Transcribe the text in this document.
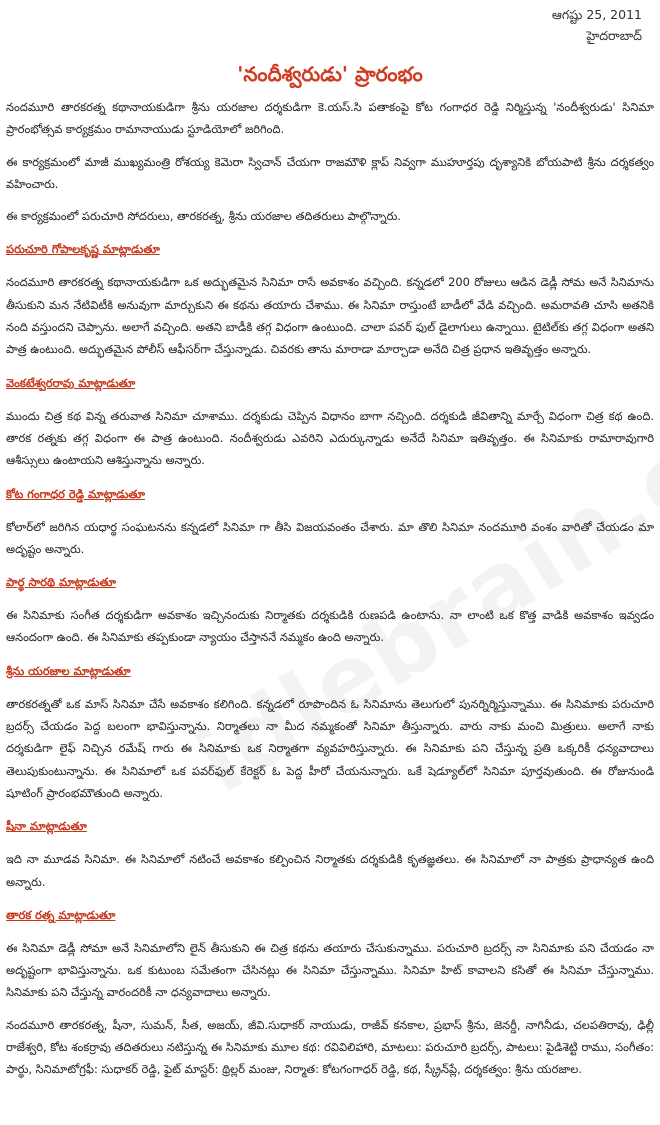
ఆగష్టు 25, 2011
హైదరాబాద్
'నందీశ్వరుడు' ప్రారంభం

నందమూరి తారకరత్న కథానాయకుడిగా శ్రీను యరజాల దర్శకుడిగా కె.యస్.సి పతాకంపై కోట గంగాధర రెడ్డి నిర్మిస్తున్న 'నందీశ్వరుడు' సినిమా ప్రారంభోత్సవ కార్యక్రమం రామానాయుడు స్టూడియోలో జరిగింది.

ఈ కార్యక్రమంలో మాజీ ముఖ్యమంత్రి రోశయ్య కెమెరా స్విచాన్ చేయగా రాజమౌళి క్లాప్ నివ్వగా ముహూర్తపు దృశ్యానికి బోయపాటి శ్రీను దర్శకత్వం వహించారు.

ఈ కార్యక్రమంలో పరుచూరి సోదరులు, తారకరత్న, శ్రీను యరజాల తదితరులు పాల్గొన్నారు.

పరుచూరి గోపాలకృష్ణ మాట్లాడుతూ

నందమూరి తారకరత్న కథానాయకుడిగా ఒక అద్భుతమైన సినిమా రాసే అవకాశం వచ్చింది. కన్నడలో 200 రోజులు ఆడిన డెడ్లీ సోమ అనే సినిమాను తీసుకుని మన నేటివిటీకి అనువుగా మార్చుకుని ఈ కథను తయారు చేశాము. ఈ సినిమా రాస్తుంటే బాడీలో వేడి వచ్చింది. అమరావతి చూసి అతనికి నంది వస్తుందని చెప్పాను. అలాగే వచ్చింది. అతని బాడీకి తగ్గ విధంగా ఉంటుంది. చాలా పవర్ ఫుల్ డైలాగులు ఉన్నాయి. టైటిల్‌కు తగ్గ విధంగా అతని పాత్ర ఉంటుంది. అద్భుతమైన పోలీస్ ఆఫీసర్‌గా చేస్తున్నాడు. చివరకు తాను మారాడా మార్చాడా అనేది చిత్ర ప్రధాన ఇతివృత్తం అన్నారు.

వెంకటేశ్వరరావు మాట్లాడుతూ

ముందు చిత్ర కథ విన్న తరువాత సినిమా చూశాము. దర్శకుడు చెప్పిన విధానం బాగా నచ్చింది. దర్శకుడి జీవితాన్ని మార్చే విధంగా చిత్ర కథ ఉంది. తారక రత్నకు తగ్గ విధంగా ఈ పాత్ర ఉంటుంది. నందీశ్వరుడు ఎవరిని ఎదుర్కున్నాడు అనేదే సినిమా ఇతివృత్తం. ఈ సినిమాకు రామారావుగారి ఆశీస్సులు ఉంటాయని ఆశిస్తున్నాను అన్నారు.

కోట గంగాధర రెడ్డి మాట్లాడుతూ

కోలార్‌లో జరిగిన యధార్థ సంఘటనను కన్నడలో సినిమా గా తీసి విజయవంతం చేశారు. మా తొలి సినిమా నందమూరి వంశం వారితో చేయడం మా అదృష్టం అన్నారు.

పార్థ సారథి మాట్లాడుతూ

ఈ సినిమాకు సంగీత దర్శకుడిగా అవకాశం ఇచ్చినందుకు నిర్మాతకు దర్శకుడికి రుణపడి ఉంటాను. నా లాంటి ఒక కొత్త వాడికి అవకాశం ఇవ్వడం ఆనందంగా ఉంది. ఈ సినిమాకు తప్పకుండా న్యాయం చేస్తాననే నమ్మకం ఉంది అన్నారు.

శ్రీను యరజాల మాట్లాడుతూ

తారకరత్నతో ఒక మాస్ సినిమా చేసే అవకాశం కలిగింది. కన్నడలో రూపొందిన ఓ సినిమాను తెలుగులో పునర్నిర్మిస్తున్నాము. ఈ సినిమాకు పరుచూరి బ్రదర్స్ చేయడం పెద్ద బలంగా భావిస్తున్నాను. నిర్మాతలు నా మీద నమ్మకంతో సినిమా తీస్తున్నారు. వారు నాకు మంచి మిత్రులు. అలాగే నాకు దర్శకుడిగా లైఫ్ నిచ్చిన రమేష్ గారు ఈ సినిమాకు ఒక నిర్మాతగా వ్యవహరిస్తున్నారు. ఈ సినిమాకు పని చేస్తున్న ప్రతి ఒక్కరికీ ధన్యవాదాలు తెలుపుకుంటున్నాను. ఈ సినిమాలో ఒక పవర్‌ఫుల్ కేరెక్టర్ ఓ పెద్ద హీరో చేయనున్నారు. ఒకే షెడ్యూల్‌లో సినిమా పూర్తవుతుంది. ఈ రోజునుండి షూటింగ్ ప్రారంభమౌతుంది అన్నారు.

షీనా మాట్లాడుతూ

ఇది నా మూడవ సినిమా. ఈ సినిమాలో నటించే అవకాశం కల్పించిన నిర్మాతకు దర్శకుడికి కృతజ్ఞతలు. ఈ సినిమాలో నా పాత్రకు ప్రాధాన్యత ఉంది అన్నారు.

తారక రత్న మాట్లాడుతూ

ఈ సినిమా డెడ్లీ సోమా అనే సినిమాలోని లైన్ తీసుకుని ఈ చిత్ర కథను తయారు చేసుకున్నాము. పరుచూరి బ్రదర్స్ నా సినిమాకు పని చేయడం నా అదృష్టంగా భావిస్తున్నాను. ఒక కుటుంబ సమేతంగా చేసినట్లు ఈ సినిమా చేస్తున్నాము. సినిమా హిట్ కావాలని కసితో ఈ సినిమా చేస్తున్నాము. సినిమాకు పని చేస్తున్న వారందరికీ నా ధన్యవాదాలు అన్నారు.

నందమూరి తారకరత్న, షీనా, సుమన్, సీత, అజయ్, జీవి.సుధాకర్ నాయుడు, రాజీవ్ కనకాల, ప్రభాస్ శ్రీను, జెనర్డీ, నాగినీడు, చలపతిరావు, ఢిల్లీ రాజేశ్వరి, కోట శంకర్రావు తదితరులు నటిస్తున్న ఈ సినిమాకు మూల కథ: రవివిలిహారి, మాటలు: పరుచూరి బ్రదర్స్, పాటలు: పైడిశెట్టి రాము, సంగీతం: పార్థు, సినిమాటోగ్రఫీ: సుధాకర్ రెడ్డి, ఫైట్ మాస్టర్: థ్రిల్లర్ మంజు, నిర్మాత: కోటగంగాధర్ రెడ్డి, కథ, స్క్రీన్‌ప్లే, దర్శకత్వం: శ్రీను యరజాల.
